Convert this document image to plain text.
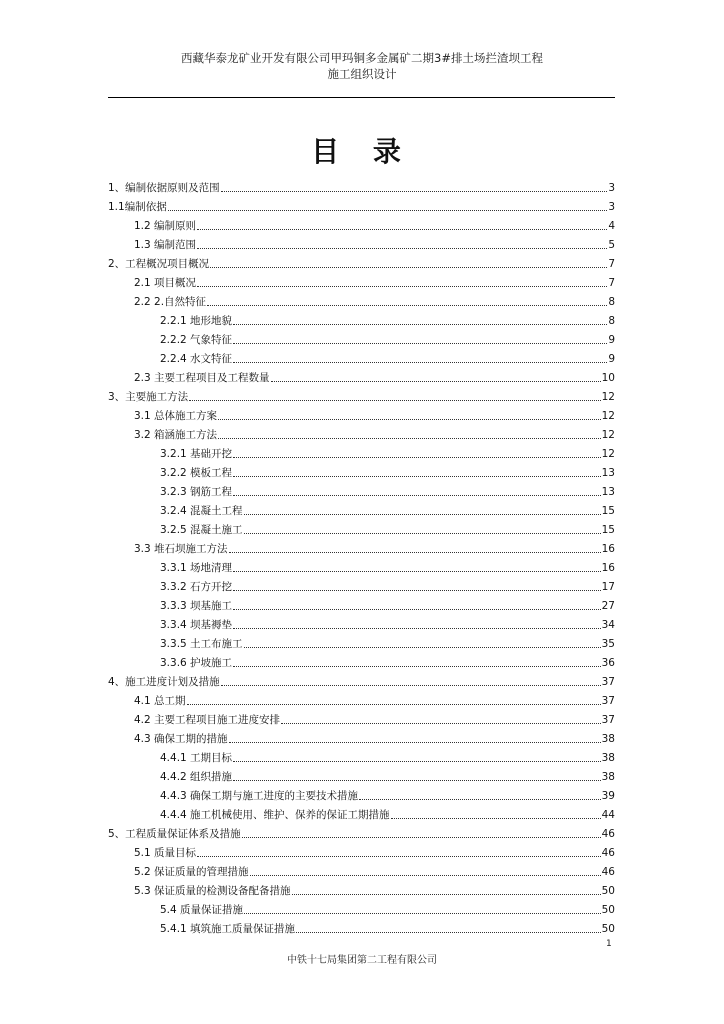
西藏华泰龙矿业开发有限公司甲玛铜多金属矿二期3#排土场拦渣坝工程
施工组织设计
目 录
1、编制依据原则及范围	3
1.1编制依据	3
1.2 编制原则	4
1.3 编制范围	5
2、工程概况项目概况	7
2.1 项目概况	7
2.2 2.自然特征	8
2.2.1 地形地貌	8
2.2.2 气象特征	9
2.2.4 水文特征	9
2.3 主要工程项目及工程数量	10
3、主要施工方法	12
3.1 总体施工方案	12
3.2 箱涵施工方法	12
3.2.1 基础开挖	12
3.2.2 模板工程	13
3.2.3 钢筋工程	13
3.2.4 混凝土工程	15
3.2.5 混凝土施工	15
3.3 堆石坝施工方法	16
3.3.1 场地清理	16
3.3.2 石方开挖	17
3.3.3 坝基施工	27
3.3.4 坝基褥垫	34
3.3.5 土工布施工	35
3.3.6 护坡施工	36
4、施工进度计划及措施	37
4.1 总工期	37
4.2 主要工程项目施工进度安排	37
4.3 确保工期的措施	38
4.4.1 工期目标	38
4.4.2 组织措施	38
4.4.3 确保工期与施工进度的主要技术措施	39
4.4.4 施工机械使用、维护、保养的保证工期措施	44
5、工程质量保证体系及措施	46
5.1 质量目标	46
5.2 保证质量的管理措施	46
5.3 保证质量的检测设备配备措施	50
5.4 质量保证措施	50
5.4.1 填筑施工质量保证措施	50
1
中铁十七局集团第二工程有限公司
